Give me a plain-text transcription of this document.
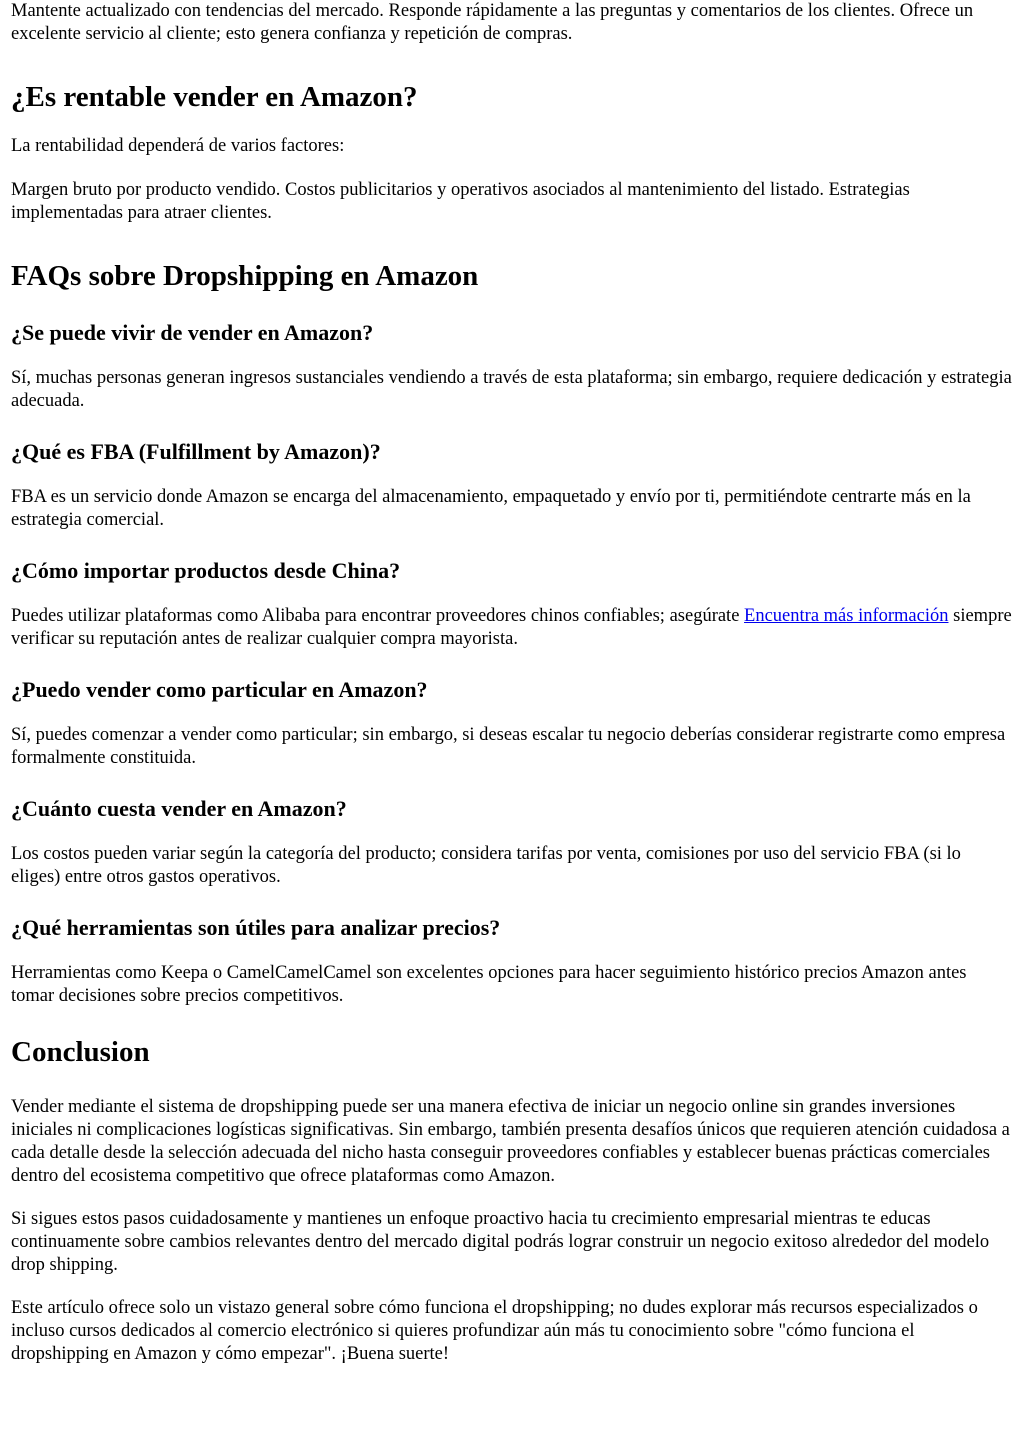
Mantente actualizado con tendencias del mercado. Responde rápidamente a las preguntas y comentarios de los clientes. Ofrece un excelente servicio al cliente; esto genera confianza y repetición de compras.

¿Es rentable vender en Amazon?

La rentabilidad dependerá de varios factores:

Margen bruto por producto vendido. Costos publicitarios y operativos asociados al mantenimiento del listado. Estrategias implementadas para atraer clientes.

FAQs sobre Dropshipping en Amazon
¿Se puede vivir de vender en Amazon?

Sí, muchas personas generan ingresos sustanciales vendiendo a través de esta plataforma; sin embargo, requiere dedicación y estrategia adecuada.

¿Qué es FBA (Fulfillment by Amazon)?

FBA es un servicio donde Amazon se encarga del almacenamiento, empaquetado y envío por ti, permitiéndote centrarte más en la estrategia comercial.

¿Cómo importar productos desde China?

Puedes utilizar plataformas como Alibaba para encontrar proveedores chinos confiables; asegúrate Encuentra más información siempre verificar su reputación antes de realizar cualquier compra mayorista.

¿Puedo vender como particular en Amazon?

Sí, puedes comenzar a vender como particular; sin embargo, si deseas escalar tu negocio deberías considerar registrarte como empresa formalmente constituida.

¿Cuánto cuesta vender en Amazon?

Los costos pueden variar según la categoría del producto; considera tarifas por venta, comisiones por uso del servicio FBA (si lo eliges) entre otros gastos operativos.

¿Qué herramientas son útiles para analizar precios?

Herramientas como Keepa o CamelCamelCamel son excelentes opciones para hacer seguimiento histórico precios Amazon antes tomar decisiones sobre precios competitivos.

Conclusion

Vender mediante el sistema de dropshipping puede ser una manera efectiva de iniciar un negocio online sin grandes inversiones iniciales ni complicaciones logísticas significativas. Sin embargo, también presenta desafíos únicos que requieren atención cuidadosa a cada detalle desde la selección adecuada del nicho hasta conseguir proveedores confiables y establecer buenas prácticas comerciales dentro del ecosistema competitivo que ofrece plataformas como Amazon.

Si sigues estos pasos cuidadosamente y mantienes un enfoque proactivo hacia tu crecimiento empresarial mientras te educas continuamente sobre cambios relevantes dentro del mercado digital podrás lograr construir un negocio exitoso alrededor del modelo drop shipping.

Este artículo ofrece solo un vistazo general sobre cómo funciona el dropshipping; no dudes explorar más recursos especializados o incluso cursos dedicados al comercio electrónico si quieres profundizar aún más tu conocimiento sobre "cómo funciona el dropshipping en Amazon y cómo empezar". ¡Buena suerte!
